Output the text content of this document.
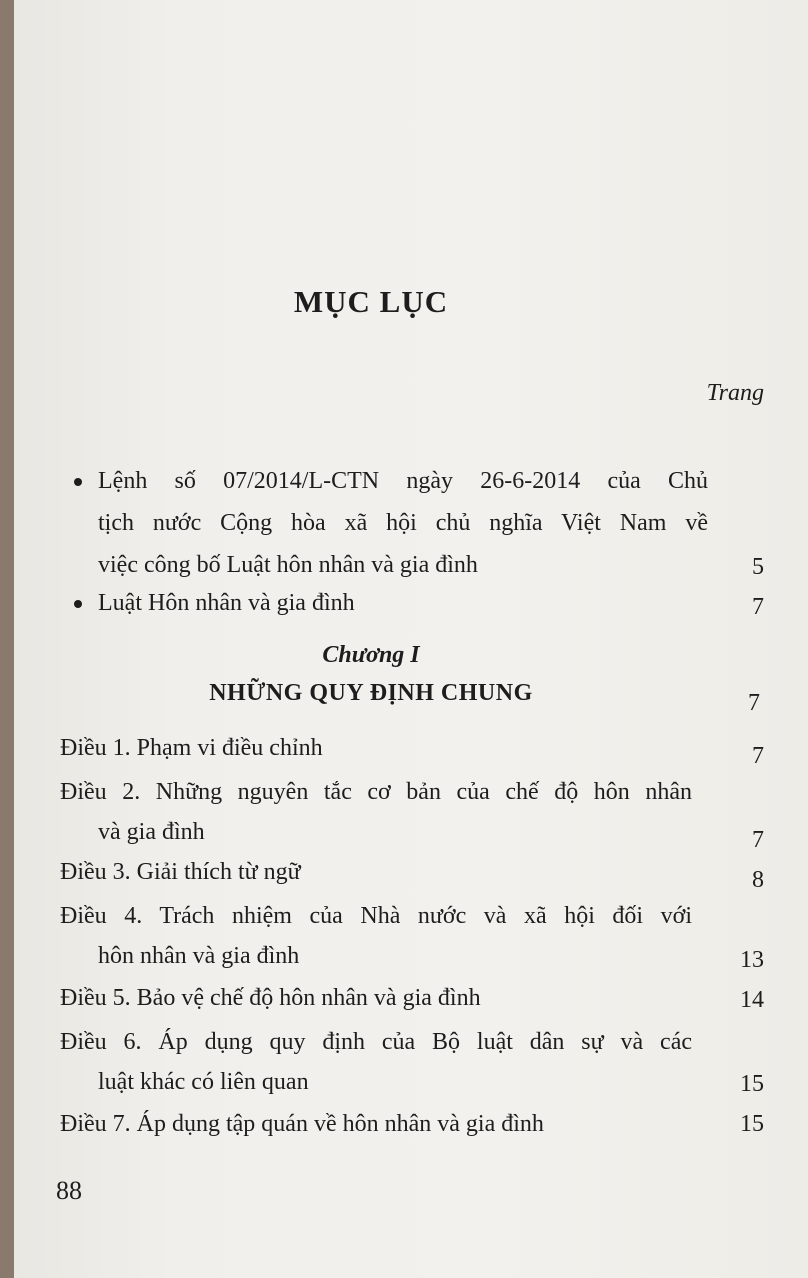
MỤC LỤC
Trang
Lệnh số 07/2014/L-CTN ngày 26-6-2014 của Chủ
tịch nước Cộng hòa xã hội chủ nghĩa Việt Nam về
việc công bố Luật hôn nhân và gia đình	5
Luật Hôn nhân và gia đình	7
Chương I
NHỮNG QUY ĐỊNH CHUNG	7
Điều 1. Phạm vi điều chỉnh	7
Điều 2. Những nguyên tắc cơ bản của chế độ hôn nhân
và gia đình	7
Điều 3. Giải thích từ ngữ	8
Điều 4. Trách nhiệm của Nhà nước và xã hội đối với
hôn nhân và gia đình	13
Điều 5. Bảo vệ chế độ hôn nhân và gia đình	14
Điều 6. Áp dụng quy định của Bộ luật dân sự và các
luật khác có liên quan	15
Điều 7. Áp dụng tập quán về hôn nhân và gia đình	15
88
